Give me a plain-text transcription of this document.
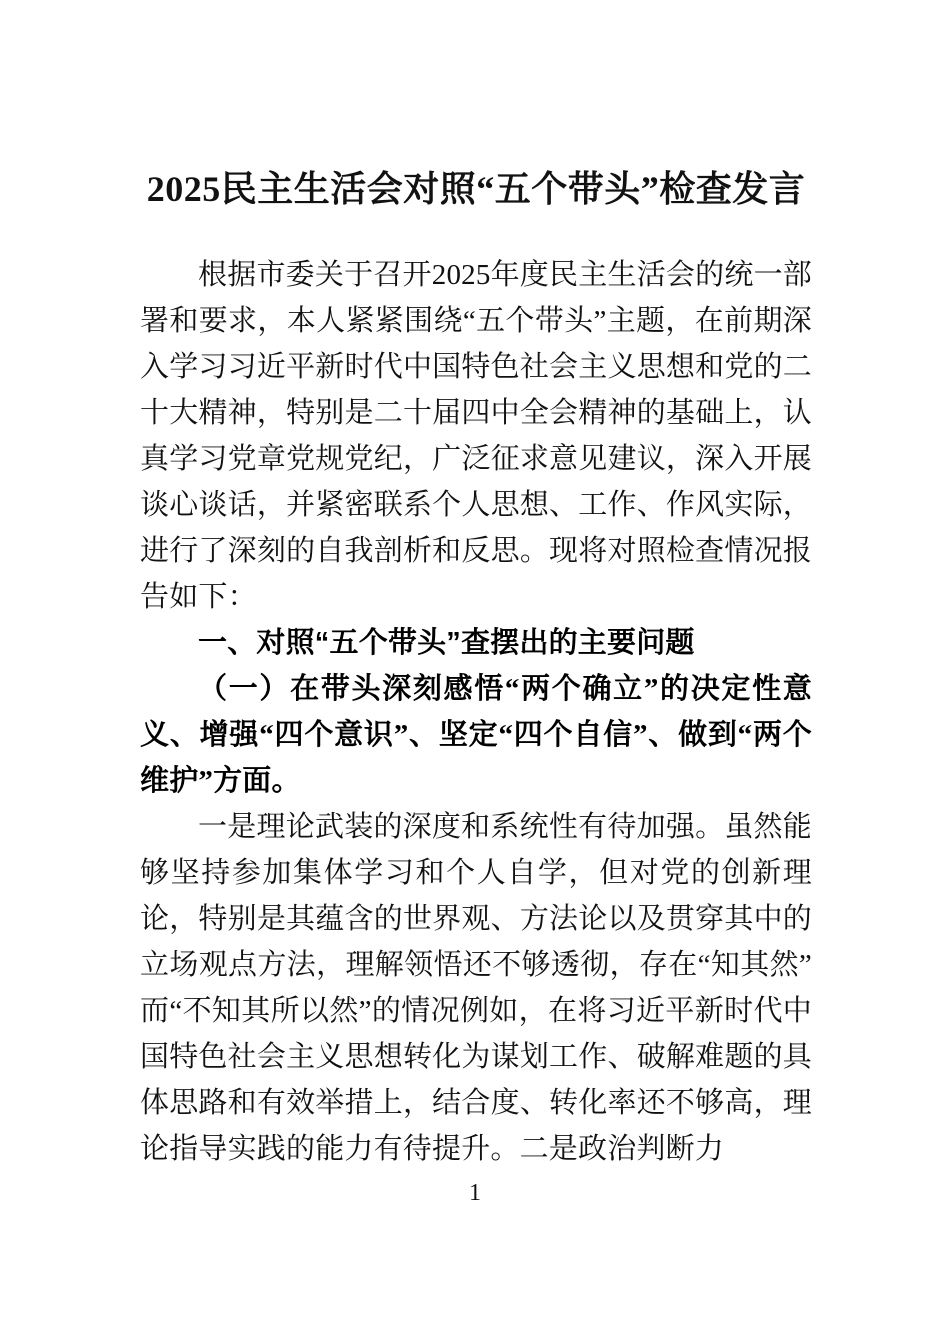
2025民主生活会对照“五个带头”检查发言

根据市委关于召开2025年度民主生活会的统一部署和要求，本人紧紧围绕“五个带头”主题，在前期深入学习习近平新时代中国特色社会主义思想和党的二十大精神，特别是二十届四中全会精神的基础上，认真学习党章党规党纪，广泛征求意见建议，深入开展谈心谈话，并紧密联系个人思想、工作、作风实际，进行了深刻的自我剖析和反思。现将对照检查情况报告如下：

一、对照“五个带头”查摆出的主要问题

（一）在带头深刻感悟“两个确立”的决定性意义、增强“四个意识”、坚定“四个自信”、做到“两个维护”方面。

一是理论武装的深度和系统性有待加强。虽然能够坚持参加集体学习和个人自学，但对党的创新理论，特别是其蕴含的世界观、方法论以及贯穿其中的立场观点方法，理解领悟还不够透彻，存在“知其然”而“不知其所以然”的情况例如，在将习近平新时代中国特色社会主义思想转化为谋划工作、破解难题的具体思路和有效举措上，结合度、转化率还不够高，理论指导实践的能力有待提升。二是政治判断力

1
